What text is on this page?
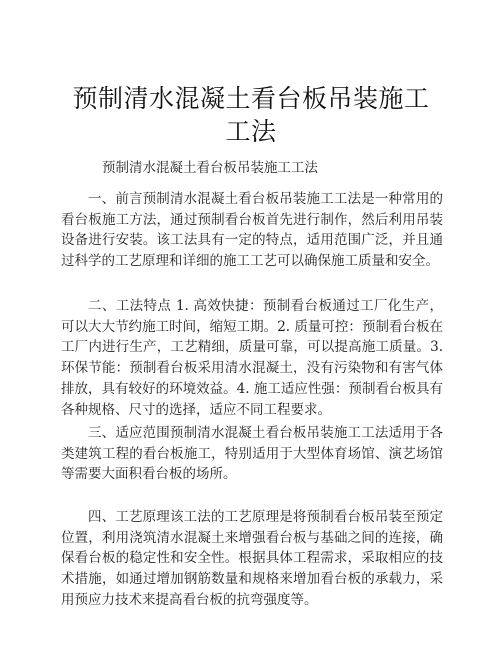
预制清水混凝土看台板吊装施工工法
预制清水混凝土看台板吊装施工工法

一、前言预制清水混凝土看台板吊装施工工法是一种常用的看台板施工方法，通过预制看台板首先进行制作，然后利用吊装设备进行安装。该工法具有一定的特点，适用范围广泛，并且通过科学的工艺原理和详细的施工工艺可以确保施工质量和安全。

二、工法特点 1. 高效快捷：预制看台板通过工厂化生产，可以大大节约施工时间，缩短工期。2. 质量可控：预制看台板在工厂内进行生产，工艺精细，质量可靠，可以提高施工质量。3. 环保节能：预制看台板采用清水混凝土，没有污染物和有害气体排放，具有较好的环境效益。4. 施工适应性强：预制看台板具有各种规格、尺寸的选择，适应不同工程要求。

三、适应范围预制清水混凝土看台板吊装施工工法适用于各类建筑工程的看台板施工，特别适用于大型体育场馆、演艺场馆等需要大面积看台板的场所。

四、工艺原理该工法的工艺原理是将预制看台板吊装至预定位置，利用浇筑清水混凝土来增强看台板与基础之间的连接，确保看台板的稳定性和安全性。根据具体工程需求，采取相应的技术措施，如通过增加钢筋数量和规格来增加看台板的承载力，采用预应力技术来提高看台板的抗弯强度等。
